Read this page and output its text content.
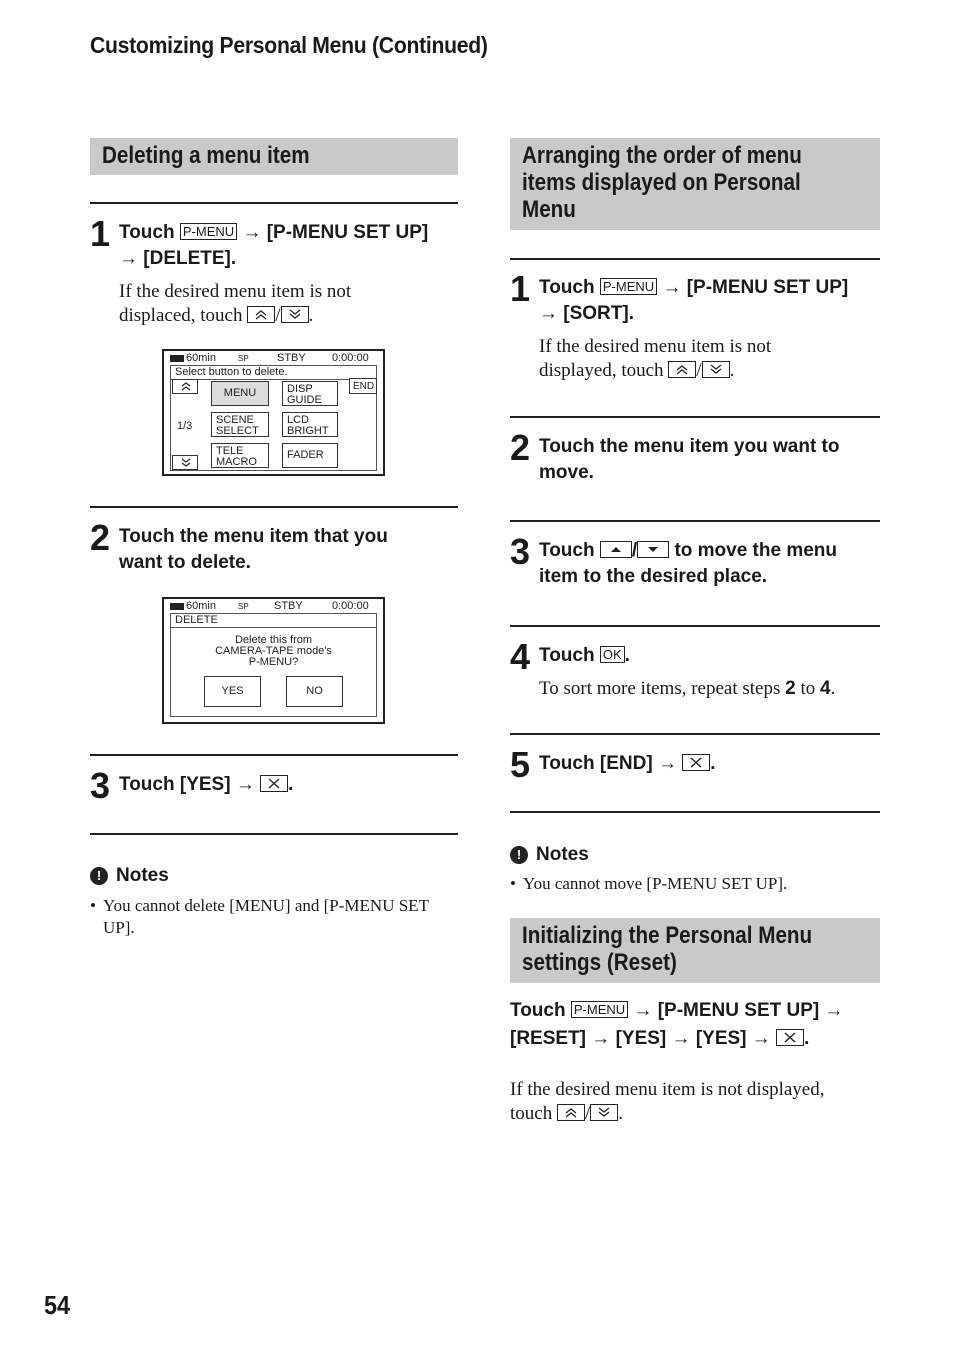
Customizing Personal Menu (Continued)
54
Deleting a menu item
1 Touch P-MENU → [P-MENU SET UP]
→ [DELETE].
If the desired menu item is not
displaced, touch / .
60min	SP	STBY 0:00:00
Select button to delete.
MENU	DISP
GUIDE
END
1/3	SCENE
SELECT
LCD
BRIGHT
TELE
MACRO
FADER
2 Touch the menu item that you
want to delete.
60min	SP STBY	0:00:00
DELETE
Delete this from
CAMERA-TAPE mode's
P-MENU?
YES	NO
3 Touch [YES] → .
! Notes
• You cannot delete [MENU] and [P-MENU SET
UP].
Arranging the order of menu
items displayed on Personal
Menu
1 Touch P-MENU → [P-MENU SET UP]
→ [SORT].
If the desired menu item is not
displayed, touch / .
2 Touch the menu item you want to
move.
3 Touch / to move the menu
item to the desired place.
4 Touch OK .
To sort more items, repeat steps 2 to 4.
5 Touch [END] → .
! Notes
• You cannot move [P-MENU SET UP].
Initializing the Personal Menu
settings (Reset)
Touch P-MENU → [P-MENU SET UP] →
[RESET] → [YES] → [YES] → .
If the desired menu item is not displayed,
touch / .
